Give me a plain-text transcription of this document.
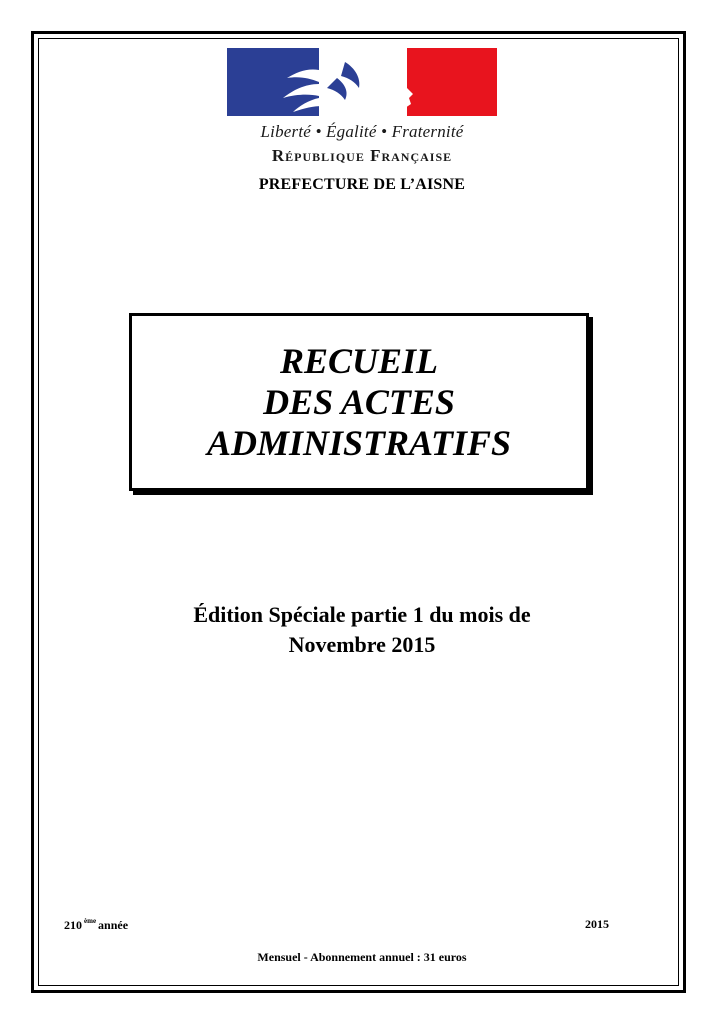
Liberté • Égalité • Fraternité
République Française
PREFECTURE DE L’AISNE
RECUEIL
DES ACTES
ADMINISTRATIFS
Édition Spéciale partie 1 du mois de
Novembre 2015
210 $^{ème}$ année	2015
Mensuel - Abonnement annuel : 31 euros
